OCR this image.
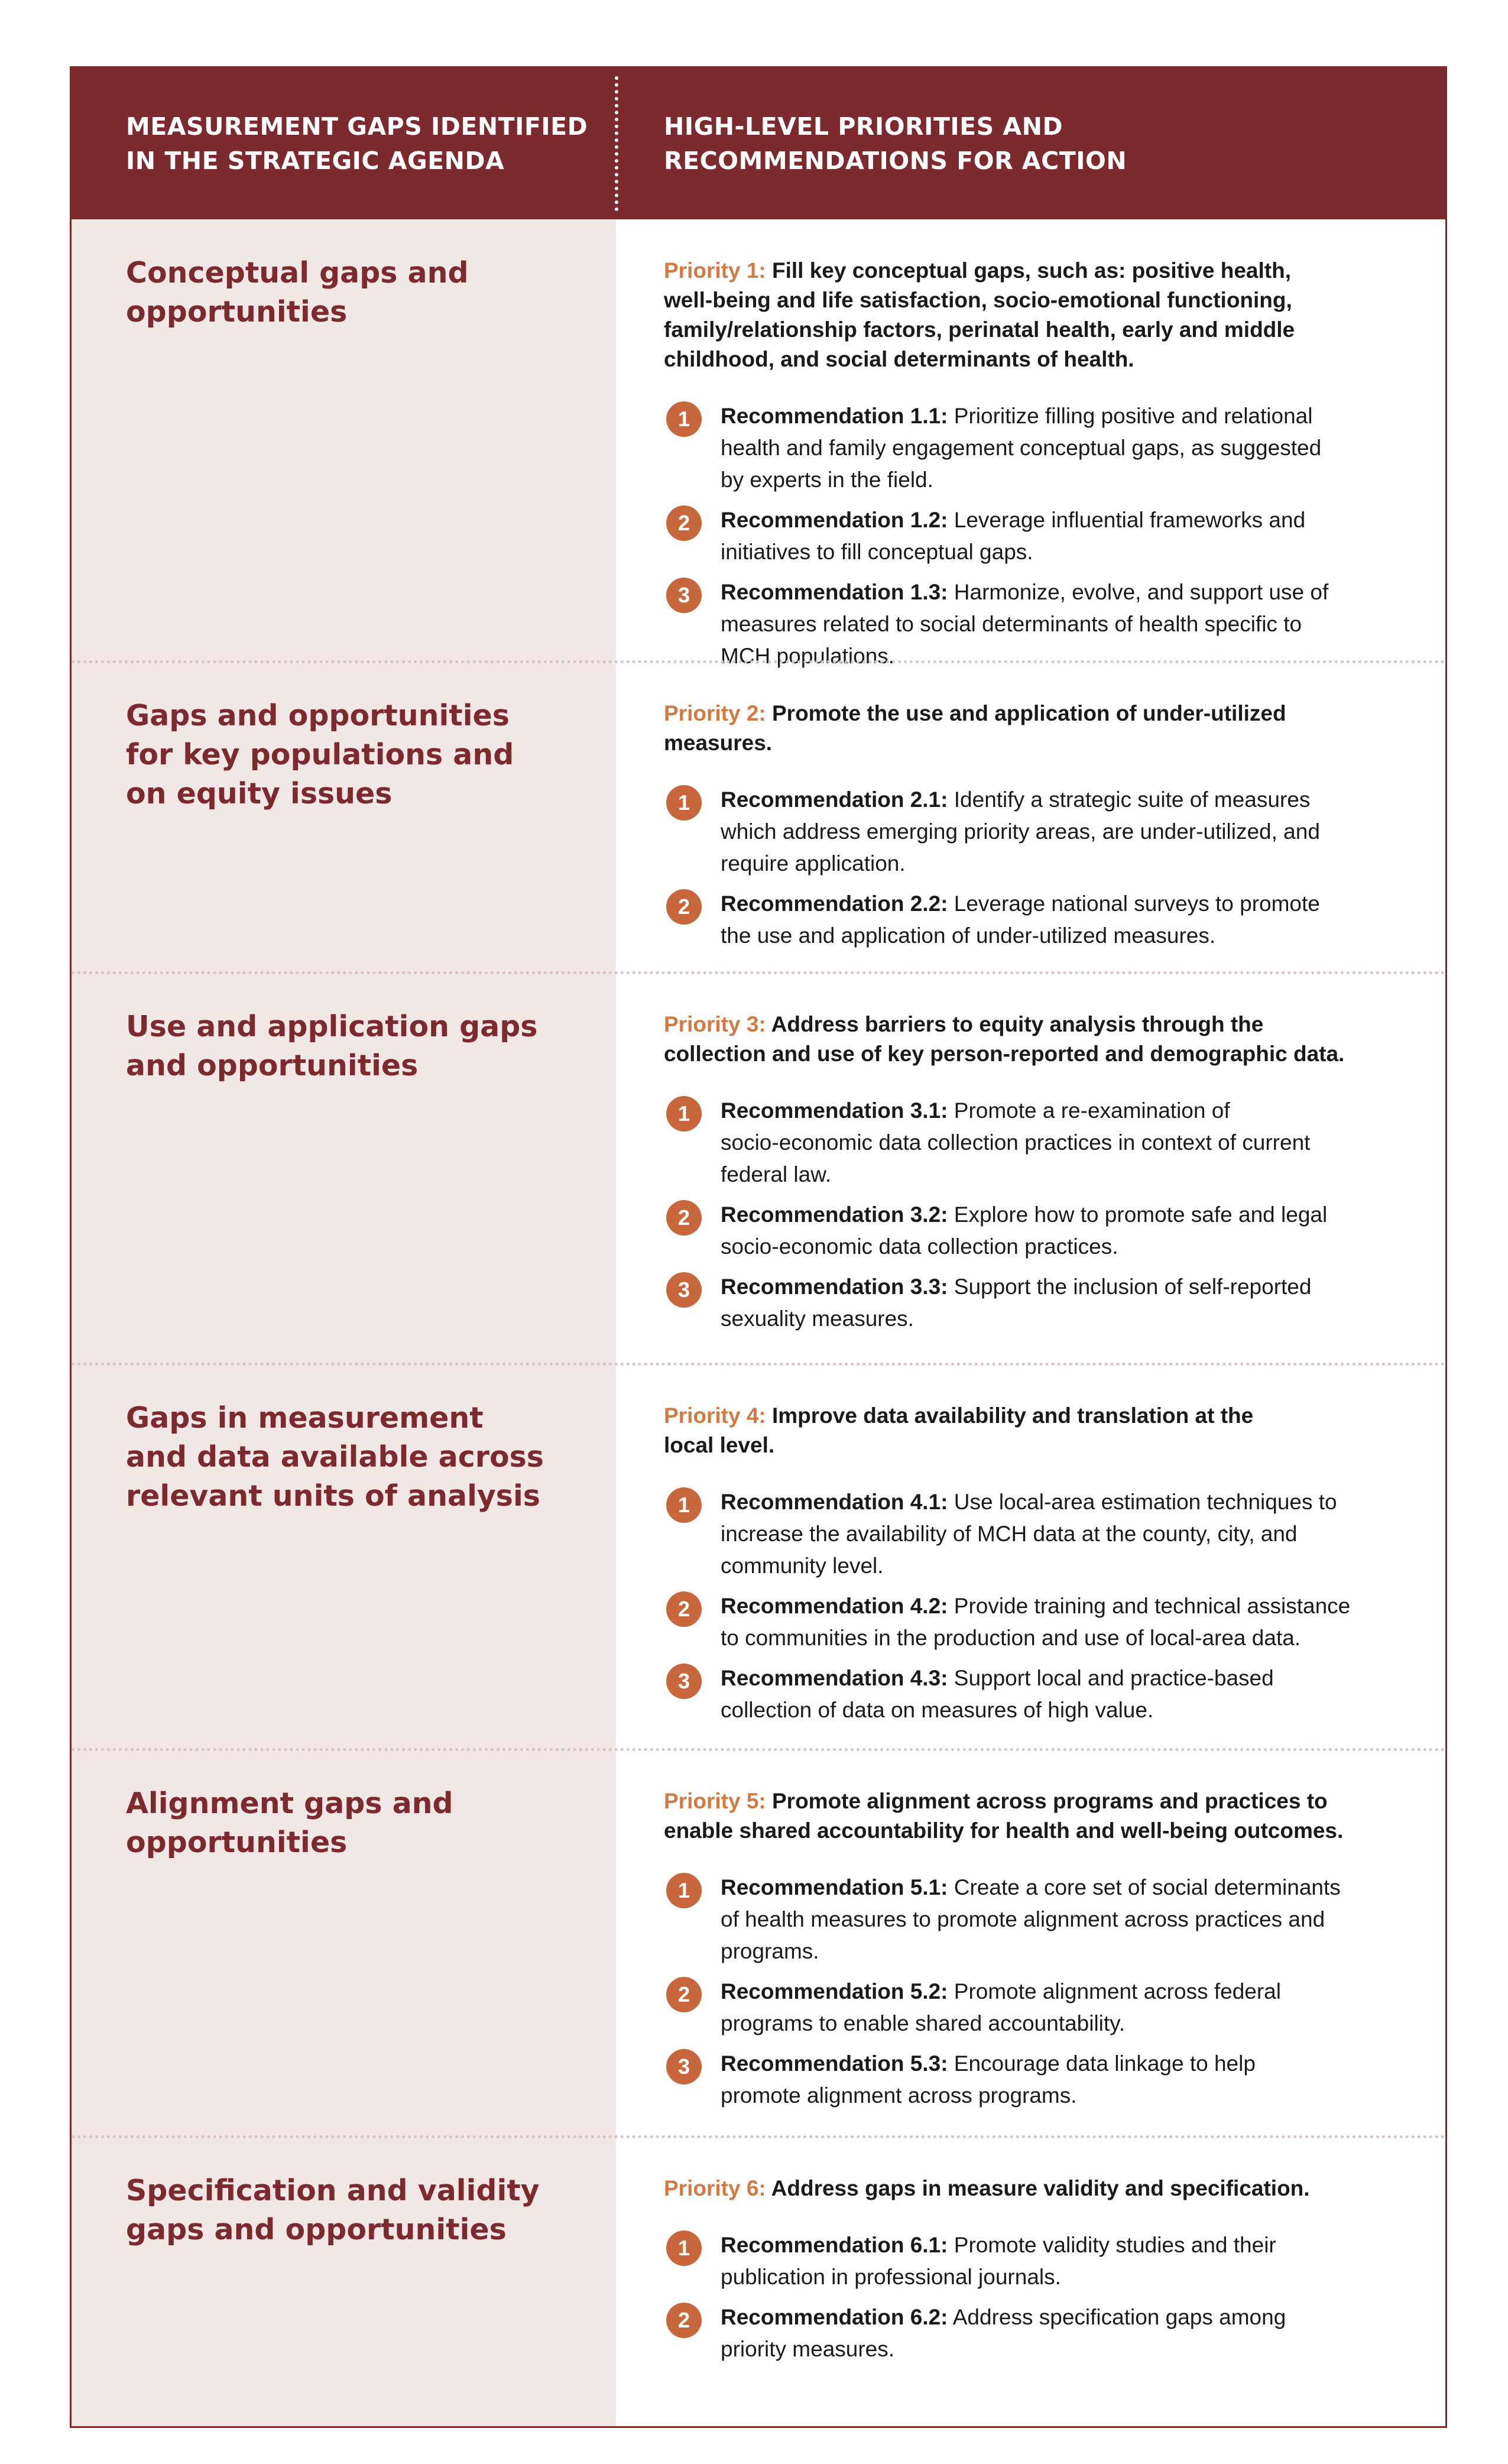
MEASUREMENT GAPS IDENTIFIED
IN THE STRATEGIC AGENDA
HIGH-LEVEL PRIORITIES AND
RECOMMENDATIONS FOR ACTION
Conceptual gaps and
opportunities

Priority 1: Fill key conceptual gaps, such as: positive health,
well-being and life satisfaction, socio-emotional functioning,
family/relationship factors, perinatal health, early and middle
childhood, and social determinants of health.

1	Recommendation 1.1: Prioritize filling positive and relational
health and family engagement conceptual gaps, as suggested
by experts in the field.

2	Recommendation 1.2: Leverage influential frameworks and
initiatives to fill conceptual gaps.

3	Recommendation 1.3: Harmonize, evolve, and support use of
measures related to social determinants of health specific to
MCH populations.

Gaps and opportunities
for key populations and
on equity issues

Priority 2: Promote the use and application of under-utilized
measures.

1	Recommendation 2.1: Identify a strategic suite of measures
which address emerging priority areas, are under-utilized, and
require application.

2	Recommendation 2.2: Leverage national surveys to promote
the use and application of under-utilized measures.

Use and application gaps
and opportunities

Priority 3: Address barriers to equity analysis through the
collection and use of key person-reported and demographic data.

1	Recommendation 3.1: Promote a re-examination of
socio-economic data collection practices in context of current
federal law.

2	Recommendation 3.2: Explore how to promote safe and legal
socio-economic data collection practices.

3	Recommendation 3.3: Support the inclusion of self-reported
sexuality measures.

Gaps in measurement
and data available across
relevant units of analysis

Priority 4: Improve data availability and translation at the
local level.

1	Recommendation 4.1: Use local-area estimation techniques to
increase the availability of MCH data at the county, city, and
community level.

2	Recommendation 4.2: Provide training and technical assistance
to communities in the production and use of local-area data.

3	Recommendation 4.3: Support local and practice-based
collection of data on measures of high value.

Alignment gaps and
opportunities

Priority 5: Promote alignment across programs and practices to
enable shared accountability for health and well-being outcomes.

1	Recommendation 5.1: Create a core set of social determinants
of health measures to promote alignment across practices and
programs.

2	Recommendation 5.2: Promote alignment across federal
programs to enable shared accountability.

3	Recommendation 5.3: Encourage data linkage to help
promote alignment across programs.

Specification and validity
gaps and opportunities

Priority 6: Address gaps in measure validity and specification.

1	Recommendation 6.1: Promote validity studies and their
publication in professional journals.

2	Recommendation 6.2: Address specification gaps among
priority measures.
